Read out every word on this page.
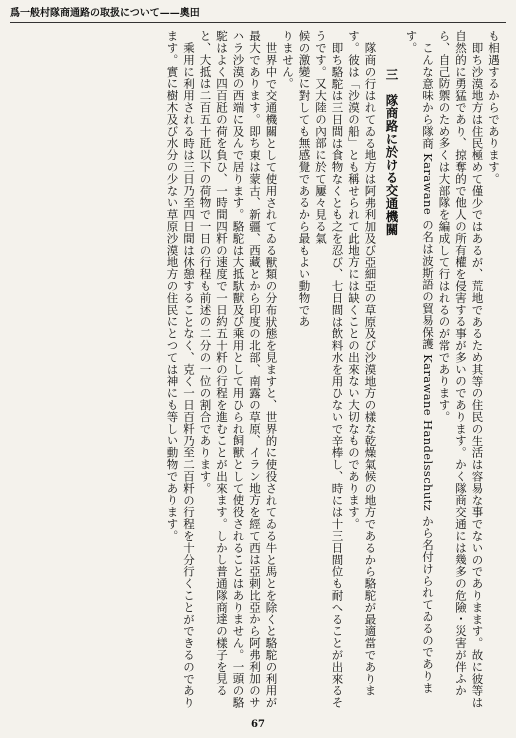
爲一般村隊商通路の取扱について——奧田

も相遇するからであります。

即ち沙漠地方は住民極めて僅少ではあるが、荒地であるため其等の住民の生活は容易な事でないのでありまます。故に彼等は自然的に勇猛であり、掠奪的で他人の所有權を侵害する事が多いのであります。かく隊商交通には幾多の危險・災害が伴ふから、自己防禦のため多くは大部隊を編成して行はれるのが常であります。

こんな意味から隊商 Karawane の名は波斯語の貿易保護 Karawane Handelsschutz から名付けられてゐるのであります。

三　隊商路に於ける交通機關

隊商の行はれてゐる地方は阿弗利加及び亞細亞の草原及び沙漠地方の樣な乾燥氣候の地方であるから駱駝が最適當であります。彼は「沙漠の船」とも稱せられて此地方には缺くことの出來ない大切なものであります。

即ち駱駝は三日間は食物なくとも之を忍び、七日間は飲料水を用ひないで辛棒し、時には十三日間位も耐へることが出來るそうです。又大陸の內部に於て屢々見る氣

候の激變に對しても無感覺であるから最もよい動物であ

りません。

世界中で交通機關として使用されてゐる獸類の分布狀態を見ますと、世界的に使役されてゐる牛と馬とを除くと駱駝の利用が最大であります。即ち東は蒙古、新疆、西藏とから印度の北部、南露の草原、イラン地方を經て西は亞剌比亞から阿弗利加のサハラ沙漠の西端に及んで居ります。駱駝は大抵馱獸及び乘用として用ひられ飼獸として使役されることはありません。一頭の駱駝はよく四百瓩の荷を負ひ、一時間四粁の速度で一日約五十粁の行程を進むことが出來ます。しかし普通隊商達の樣子を見ると、大抵は二百五十瓩以下の荷物で一日の行程も前述の二分の一位の割合であります。

乘用に利用される時は三日乃至四日間は休憩することなく、克く一日百粁乃至二百粁の行程を十分行くことができるのであります。實に樹木及び水分の少ない草原沙漠地方の住民にとつては神にも等しい動物であります。

67
